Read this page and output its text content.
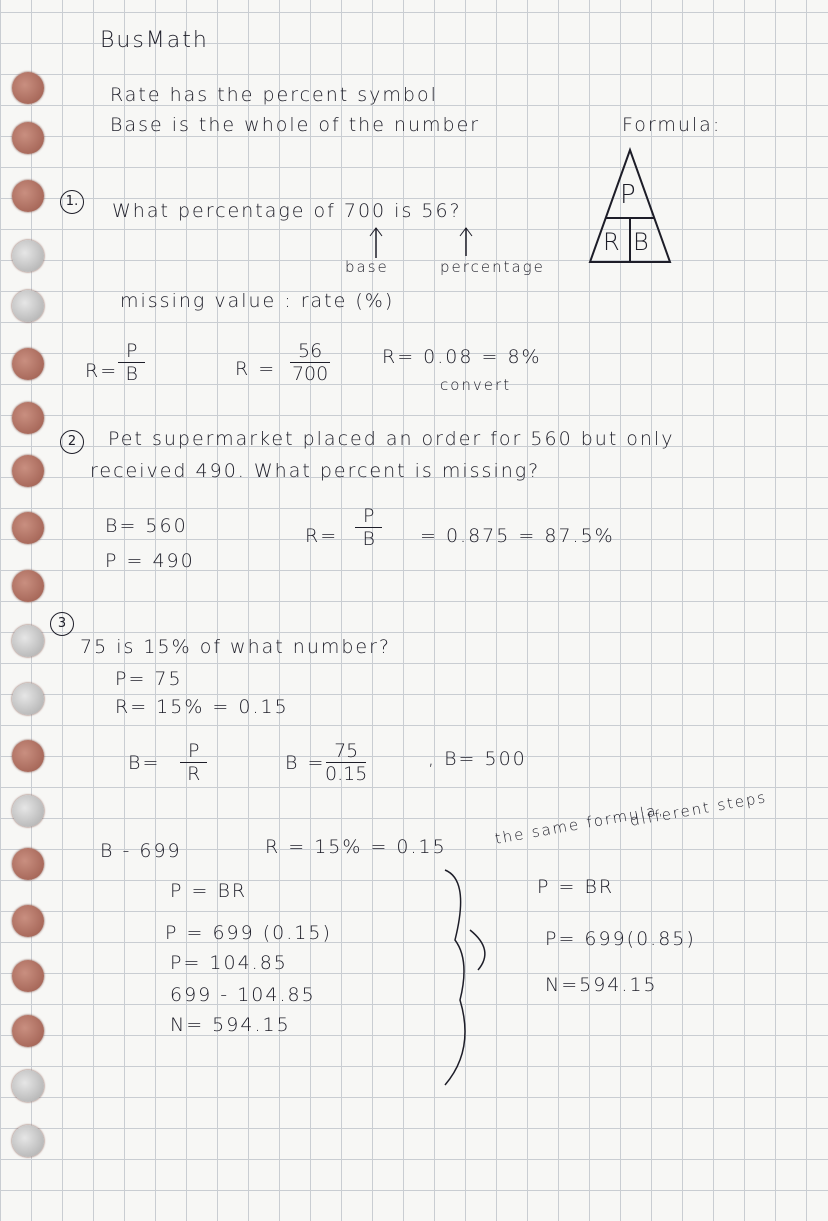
BusMath
Rate has the percent symbol
Base is the whole of the number	Formula:
P
R B
1.	What percentage of 700 is 56?
base	percentage
missing value : rate (%)
$R= \frac{P}{B}$	$R = \frac{56}{700}$	R= 0.08 = 8%
convert
2	Pet supermarket placed an order for 560 but only
received 490. What percent is missing?
B= 560
P = 490
$R= \frac{P}{B} = 0.875 = 87.5\%$
3
75 is 15% of what number?
P= 75
R= 15% = 0.15
$B= \frac{P}{R}$	$B = \frac{75}{0.15}$	, B= 500
B - 699	R = 15% = 0.15	the same formula,
different steps
P = BR
P = 699 (0.15)
P= 104.85
699 - 104.85
N= 594.15
P = BR
P= 699(0.85)
N=594.15
